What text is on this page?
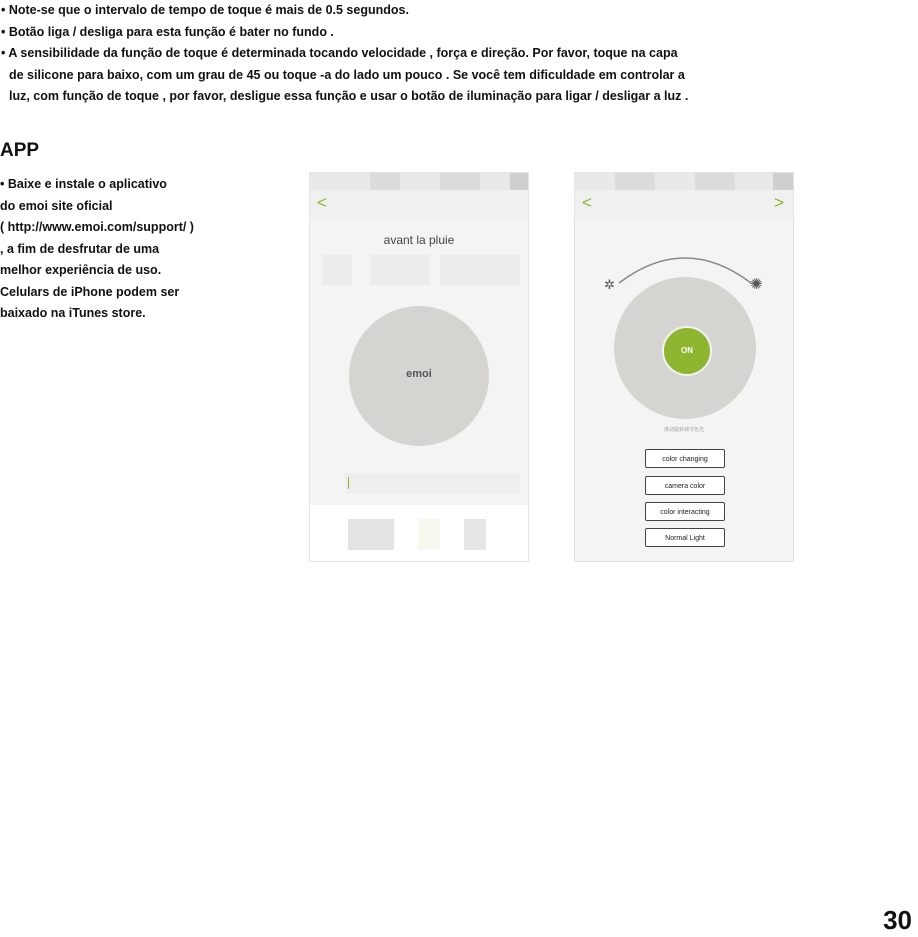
• Note-se que o intervalo de tempo de toque é mais de 0.5 segundos.

• Botão liga / desliga para esta função é bater no fundo .

• A sensibilidade da função de toque é determinada tocando velocidade , força e direção. Por favor, toque na capa

de silicone para baixo, com um grau de 45 ou toque -a do lado um pouco . Se você tem dificuldade em controlar a

luz, com função de toque , por favor, desligue essa função e usar o botão de iluminação para ligar / desligar a luz .

APP

• Baixe e instale o aplicativo

do emoi site oficial

( http://www.emoi.com/support/ )

, a fim de desfrutar de uma

melhor experiência de uso.

Celulars de iPhone podem ser

baixado na iTunes store.

<
avant la pluie
emoi
<	>
✲	✺
ON
滑动旋转调节色光
color changing
camera color
color interacting
Normal Light
30
